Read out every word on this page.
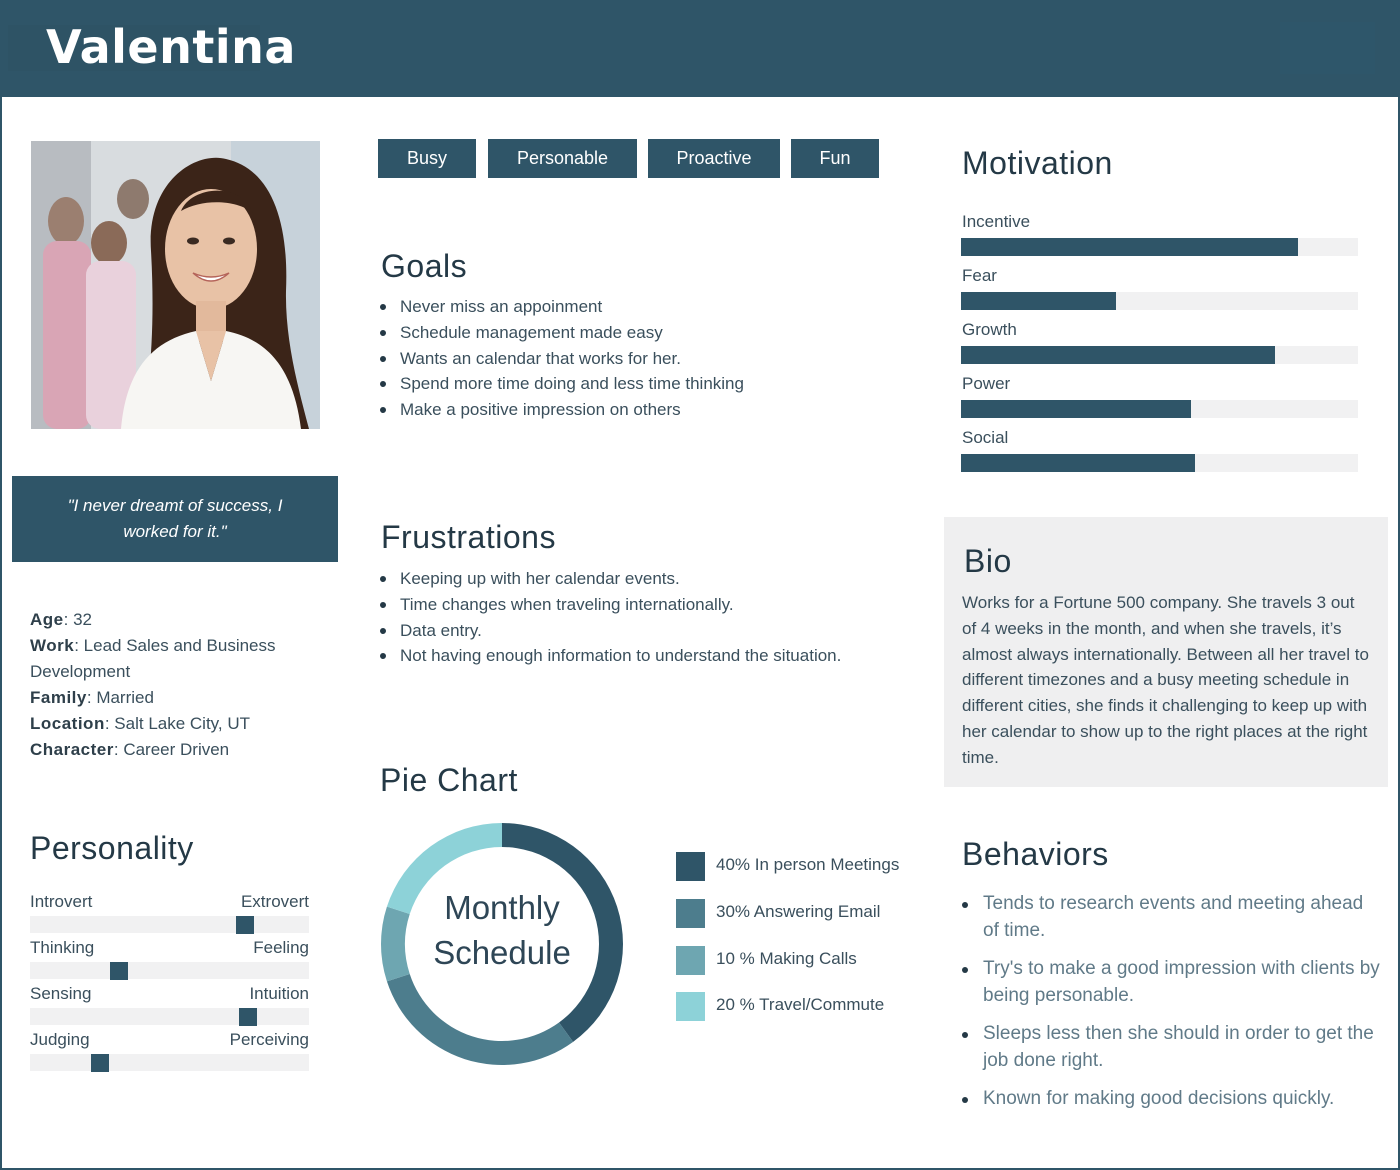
Valentina
"I never dreamt of success, I worked for it."
Age: 32
Work: Lead Sales and Business Development
Family: Married
Location: Salt Lake City, UT
Character: Career Driven
Personality
Introvert	Extrovert
Thinking	Feeling
Sensing	Intuition
Judging	Perceiving
Busy	Personable	Proactive	Fun
Goals
Never miss an appoinment
Schedule management made easy
Wants an calendar that works for her.
Spend more time doing and less time thinking
Make a positive impression on others
Frustrations
Keeping up with her calendar events.
Time changes when traveling internationally.
Data entry.
Not having enough information to understand the situation.
Motivation
Incentive
Fear
Growth
Power
Social
Bio
Works for a Fortune 500 company. She travels 3 out of 4 weeks in the month, and when she travels, it’s almost always internationally. Between all her travel to different timezones and a busy meeting schedule in different cities, she finds it challenging to keep up with her calendar to show up to the right places at the right time.
Pie Chart
Monthly
Schedule
40% In person Meetings
30% Answering Email
10 % Making Calls
20 % Travel/Commute
Behaviors
Tends to research events and meeting ahead of time.
Try's to make a good impression with clients by being personable.
Sleeps less then she should in order to get the job done right.
Known for making good decisions quickly.
